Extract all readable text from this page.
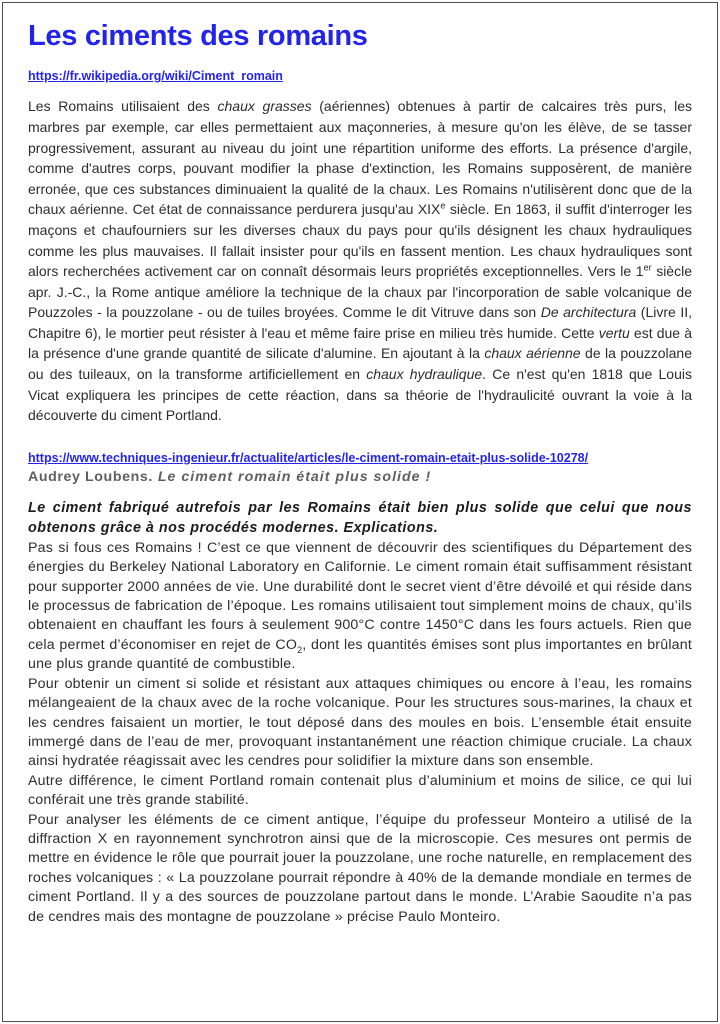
Les ciments des romains
https://fr.wikipedia.org/wiki/Ciment_romain

Les Romains utilisaient des chaux grasses (aériennes) obtenues à partir de calcaires très purs, les marbres par exemple, car elles permettaient aux maçonneries, à mesure qu'on les élève, de se tasser progressivement, assurant au niveau du joint une répartition uniforme des efforts. La présence d'argile, comme d'autres corps, pouvant modifier la phase d'extinction, les Romains supposèrent, de manière erronée, que ces substances diminuaient la qualité de la chaux. Les Romains n'utilisèrent donc que de la chaux aérienne. Cet état de connaissance perdurera jusqu'au XIXe siècle. En 1863, il suffit d'interroger les maçons et chaufourniers sur les diverses chaux du pays pour qu'ils désignent les chaux hydrauliques comme les plus mauvaises. Il fallait insister pour qu'ils en fassent mention. Les chaux hydrauliques sont alors recherchées activement car on connaît désormais leurs propriétés exceptionnelles. Vers le 1er siècle apr. J.-C., la Rome antique améliore la technique de la chaux par l'incorporation de sable volcanique de Pouzzoles - la pouzzolane - ou de tuiles broyées. Comme le dit Vitruve dans son De architectura (Livre II, Chapitre 6), le mortier peut résister à l'eau et même faire prise en milieu très humide. Cette vertu est due à la présence d'une grande quantité de silicate d'alumine. En ajoutant à la chaux aérienne de la pouzzolane ou des tuileaux, on la transforme artificiellement en chaux hydraulique. Ce n'est qu'en 1818 que Louis Vicat expliquera les principes de cette réaction, dans sa théorie de l'hydraulicité ouvrant la voie à la découverte du ciment Portland.

https://www.techniques-ingenieur.fr/actualite/articles/le-ciment-romain-etait-plus-solide-10278/

Audrey Loubens. Le ciment romain était plus solide !

Le ciment fabriqué autrefois par les Romains était bien plus solide que celui que nous obtenons grâce à nos procédés modernes. Explications.

Pas si fous ces Romains ! C’est ce que viennent de découvrir des scientifiques du Département des énergies du Berkeley National Laboratory en Californie. Le ciment romain était suffisamment résistant pour supporter 2000 années de vie. Une durabilité dont le secret vient d’être dévoilé et qui réside dans le processus de fabrication de l’époque. Les romains utilisaient tout simplement moins de chaux, qu’ils obtenaient en chauffant les fours à seulement 900°C contre 1450°C dans les fours actuels. Rien que cela permet d’économiser en rejet de $CO_2$, dont les quantités émises sont plus importantes en brûlant une plus grande quantité de combustible.

Pour obtenir un ciment si solide et résistant aux attaques chimiques ou encore à l’eau, les romains mélangeaient de la chaux avec de la roche volcanique. Pour les structures sous-marines, la chaux et les cendres faisaient un mortier, le tout déposé dans des moules en bois. L’ensemble était ensuite immergé dans de l’eau de mer, provoquant instantanément une réaction chimique cruciale. La chaux ainsi hydratée réagissait avec les cendres pour solidifier la mixture dans son ensemble.

Autre différence, le ciment Portland romain contenait plus d’aluminium et moins de silice, ce qui lui conférait une très grande stabilité.

Pour analyser les éléments de ce ciment antique, l’équipe du professeur Monteiro a utilisé de la diffraction X en rayonnement synchrotron ainsi que de la microscopie. Ces mesures ont permis de mettre en évidence le rôle que pourrait jouer la pouzzolane, une roche naturelle, en remplacement des roches volcaniques : « La pouzzolane pourrait répondre à 40% de la demande mondiale en termes de ciment Portland. Il y a des sources de pouzzolane partout dans le monde. L’Arabie Saoudite n’a pas de cendres mais des montagne de pouzzolane » précise Paulo Monteiro.
